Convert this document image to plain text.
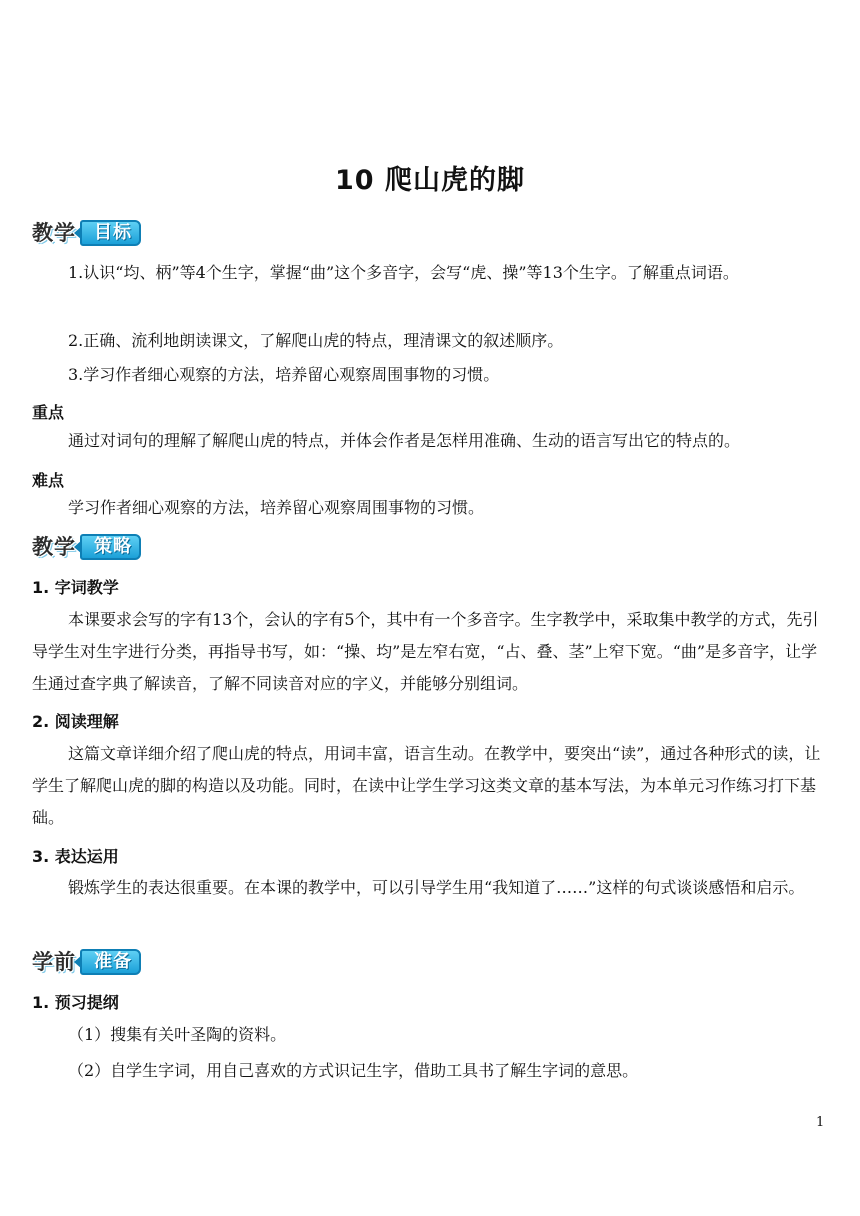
10 爬山虎的脚
教学	目标
1.认识“均、柄”等4个生字，掌握“曲”这个多音字，会写“虎、操”等13个生字。了解重点词语。
2.正确、流利地朗读课文，了解爬山虎的特点，理清课文的叙述顺序。
3.学习作者细心观察的方法，培养留心观察周围事物的习惯。
重点
通过对词句的理解了解爬山虎的特点，并体会作者是怎样用准确、生动的语言写出它的特点的。
难点
学习作者细心观察的方法，培养留心观察周围事物的习惯。
教学	策略
1. 字词教学
本课要求会写的字有13个，会认的字有5个，其中有一个多音字。生字教学中，采取集中教学的方式，先引导学生对生字进行分类，再指导书写，如：“操、均”是左窄右宽，“占、叠、茎”上窄下宽。“曲”是多音字，让学生通过查字典了解读音，了解不同读音对应的字义，并能够分别组词。
2. 阅读理解
这篇文章详细介绍了爬山虎的特点，用词丰富，语言生动。在教学中，要突出“读”，通过各种形式的读，让学生了解爬山虎的脚的构造以及功能。同时，在读中让学生学习这类文章的基本写法，为本单元习作练习打下基础。
3. 表达运用
锻炼学生的表达很重要。在本课的教学中，可以引导学生用“我知道了……”这样的句式谈谈感悟和启示。
学前	准备
1. 预习提纲
（1）搜集有关叶圣陶的资料。
（2）自学生字词，用自己喜欢的方式识记生字，借助工具书了解生字词的意思。
1
